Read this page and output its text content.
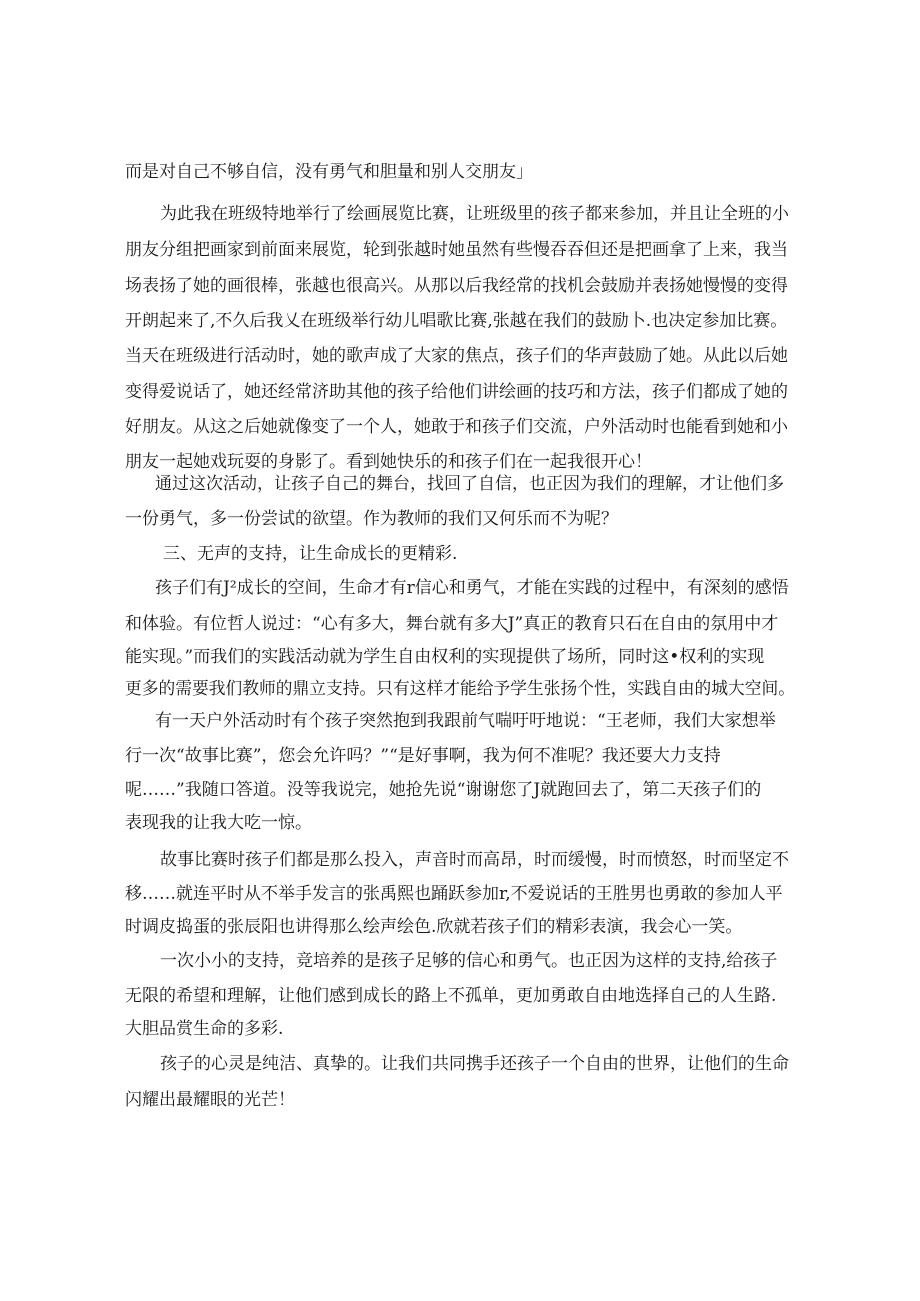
而是对自己不够自信，没有勇气和胆量和别人交朋友」
为此我在班级特地举行了绘画展览比赛，让班级里的孩子都来参加，并且让全班的小
朋友分组把画家到前面来展览，轮到张越时她虽然有些慢吞吞但还是把画拿了上来，我当
场表扬了她的画很棒，张越也很高兴。从那以后我经常的找机会鼓励并表扬她慢慢的变得
开朗起来了,不久后我乂在班级举行幼儿唱歌比赛,张越在我们的鼓励卜.也决定参加比赛。
当天在班级进行活动时，她的歌声成了大家的焦点，孩子们的华声鼓励了她。从此以后她
变得爱说话了，她还经常济助其他的孩子给他们讲绘画的技巧和方法，孩子们都成了她的
好朋友。从这之后她就像变了一个人，她敢于和孩子们交流，户外活动时也能看到她和小
朋友一起她戏玩耍的身影了。看到她快乐的和孩子们在一起我很开心！
通过这次活动，让孩子自己的舞台，找回了自信，也正因为我们的理解，才让他们多
一份勇气，多一份尝试的欲望。作为教师的我们又何乐而不为呢？
三、无声的支持，让生命成长的更精彩.
孩子们有J²成长的空间，生命才有r信心和勇气，才能在实践的过程中，有深刻的感悟
和体验。有位哲人说过：“心有多大，舞台就有多大J”真正的教育只石在自由的氛用中才
能实现。”而我们的实践活动就为学生自由权利的实现提供了场所，同时这•权利的实现
更多的需要我们教师的鼎立支持。只有这样才能给予学生张扬个性，实践自由的城大空间。
有一天户外活动时有个孩子突然抱到我跟前气喘吁吁地说：“王老师，我们大家想举
行一次“故事比赛”，您会允许吗？”“是好事啊，我为何不准呢？我还要大力支持
呢……”我随口答道。没等我说完，她抢先说“谢谢您了J就跑回去了，第二天孩子们的
表现我的让我大吃一惊。
故事比赛时孩子们都是那么投入，声音时而高昂，时而缓慢，时而愤怒，时而坚定不
移……就连平时从不举手发言的张禹熙也踊跃参加r,不爱说话的王胜男也勇敢的参加人平
时调皮捣蛋的张辰阳也讲得那么绘声绘色.欣就若孩子们的精彩表演，我会心一笑。
一次小小的支持，竞培养的是孩子足够的信心和勇气。也正因为这样的支持,给孩子
无限的希望和理解，让他们感到成长的路上不孤单，更加勇敢自由地选择自己的人生路.
大胆品赏生命的多彩.
孩子的心灵是纯洁、真挚的。让我们共同携手还孩子一个自由的世界，让他们的生命
闪耀出最耀眼的光芒！
